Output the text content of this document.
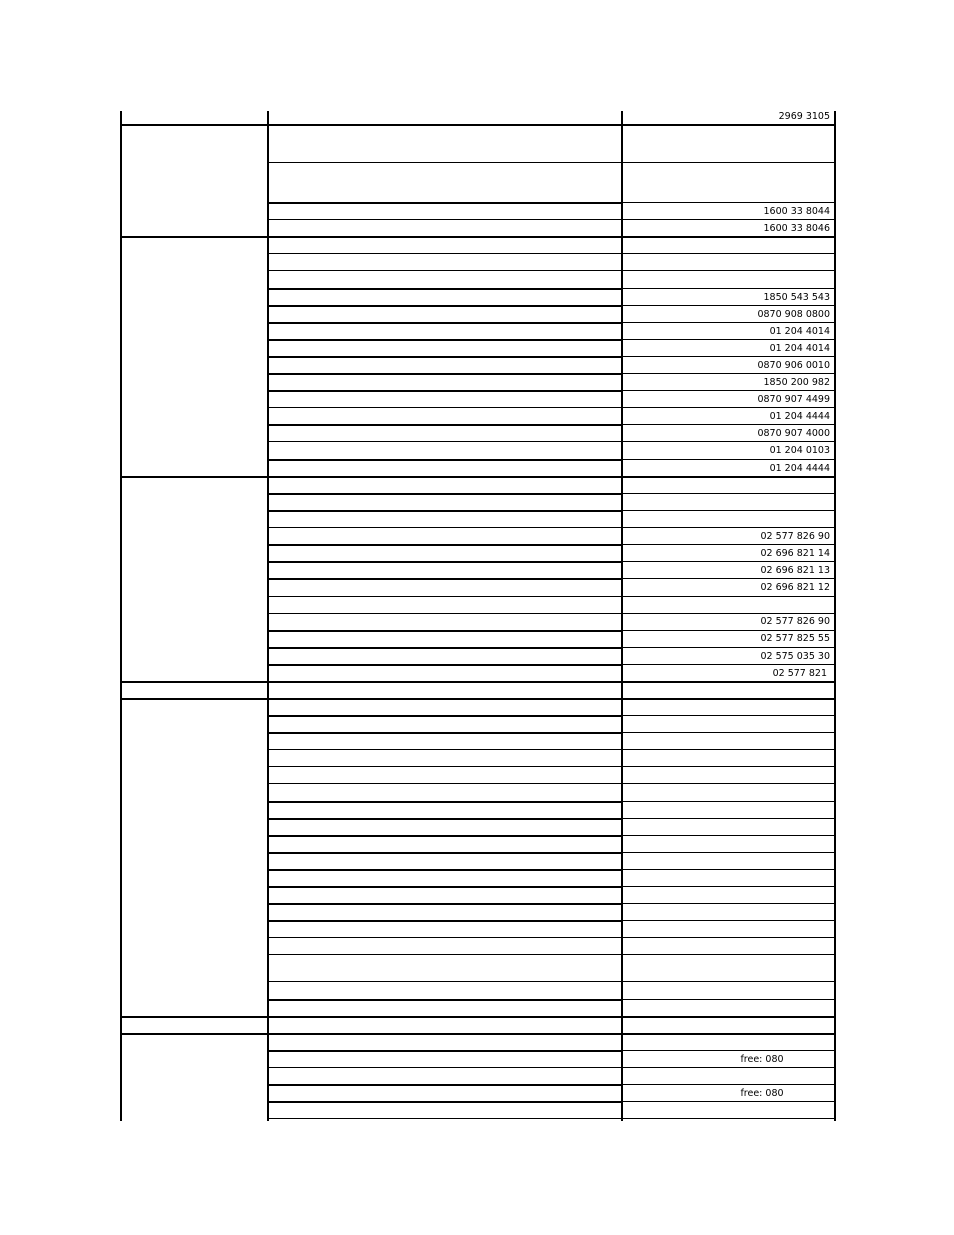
2969 3105
1600 33 8044
1600 33 8046
1850 543 543
0870 908 0800
01 204 4014
01 204 4014
0870 906 0010
1850 200 982
0870 907 4499
01 204 4444
0870 907 4000
01 204 0103
01 204 4444
02 577 826 90
02 696 821 14
02 696 821 13
02 696 821 12
02 577 826 90
02 577 825 55
02 575 035 30
02 577 821
free: 080
free: 080
